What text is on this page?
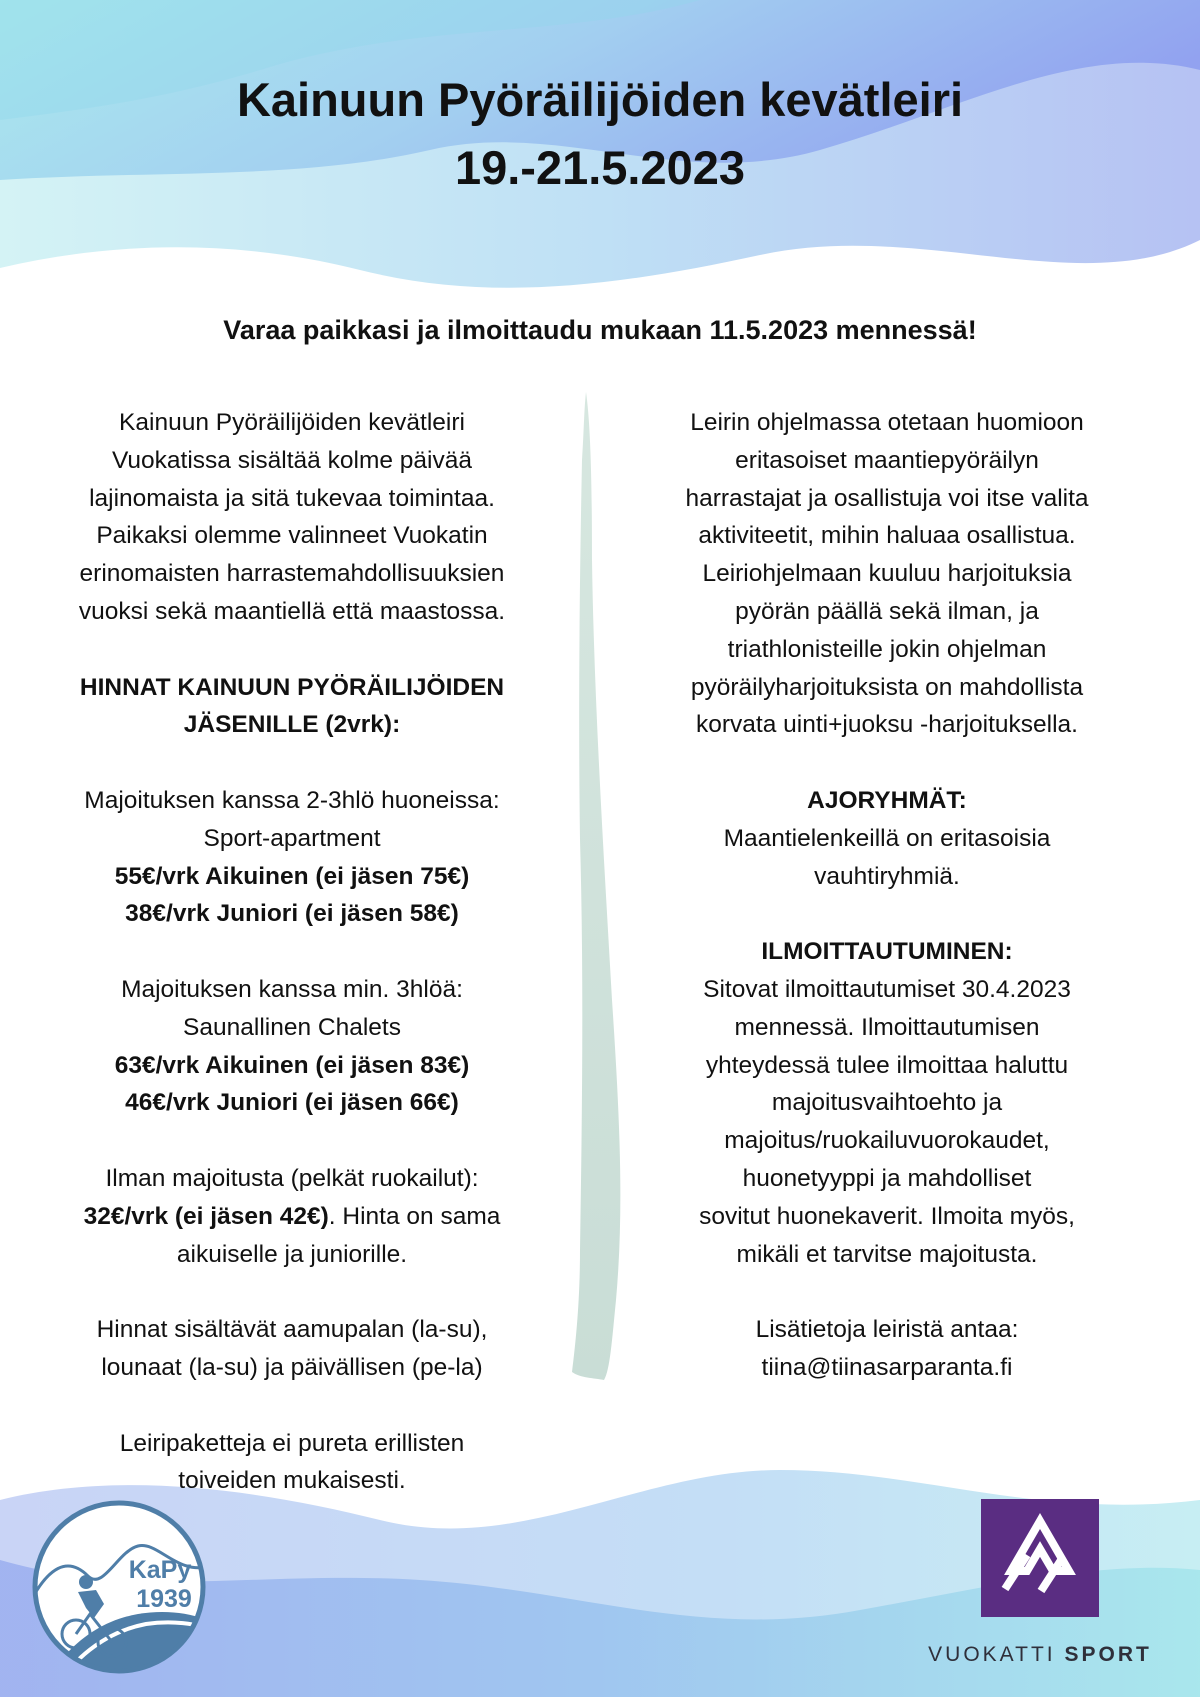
Kainuun Pyöräilijöiden kevätleiri
19.-21.5.2023

Varaa paikkasi ja ilmoittaudu mukaan 11.5.2023 mennessä!

Kainuun Pyöräilijöiden kevätleiri
Vuokatissa sisältää kolme päivää
lajinomaista ja sitä tukevaa toimintaa.
Paikaksi olemme valinneet Vuokatin
erinomaisten harrastemahdollisuuksien
vuoksi sekä maantiellä että maastossa.

HINNAT KAINUUN PYÖRÄILIJÖIDEN
JÄSENILLE (2vrk):

Majoituksen kanssa 2-3hlö huoneissa:
Sport-apartment
55€/vrk Aikuinen (ei jäsen 75€)
38€/vrk Juniori (ei jäsen 58€)

Majoituksen kanssa min. 3hlöä:
Saunallinen Chalets
63€/vrk Aikuinen (ei jäsen 83€)
46€/vrk Juniori (ei jäsen 66€)

Ilman majoitusta (pelkät ruokailut):
32€/vrk (ei jäsen 42€). Hinta on sama
aikuiselle ja juniorille.

Hinnat sisältävät aamupalan (la-su),
lounaat (la-su) ja päivällisen (pe-la)

Leiripaketteja ei pureta erillisten
toiveiden mukaisesti.

Leirin ohjelmassa otetaan huomioon
eritasoiset maantiepyöräilyn
harrastajat ja osallistuja voi itse valita
aktiviteetit, mihin haluaa osallistua.
Leiriohjelmaan kuuluu harjoituksia
pyörän päällä sekä ilman, ja
triathlonisteille jokin ohjelman
pyöräilyharjoituksista on mahdollista
korvata uinti+juoksu -harjoituksella.

AJORYHMÄT:
Maantielenkeillä on eritasoisia
vauhtiryhmiä.

ILMOITTAUTUMINEN:
Sitovat ilmoittautumiset 30.4.2023
mennessä. Ilmoittautumisen
yhteydessä tulee ilmoittaa haluttu
majoitusvaihtoehto ja
majoitus/ruokailuvuorokaudet,
huonetyyppi ja mahdolliset
sovitut huonekaverit. Ilmoita myös,
mikäli et tarvitse majoitusta.

Lisätietoja leiristä antaa:
tiina@tiinasarparanta.fi

KaPy
1939
VUOKATTI SPORT
